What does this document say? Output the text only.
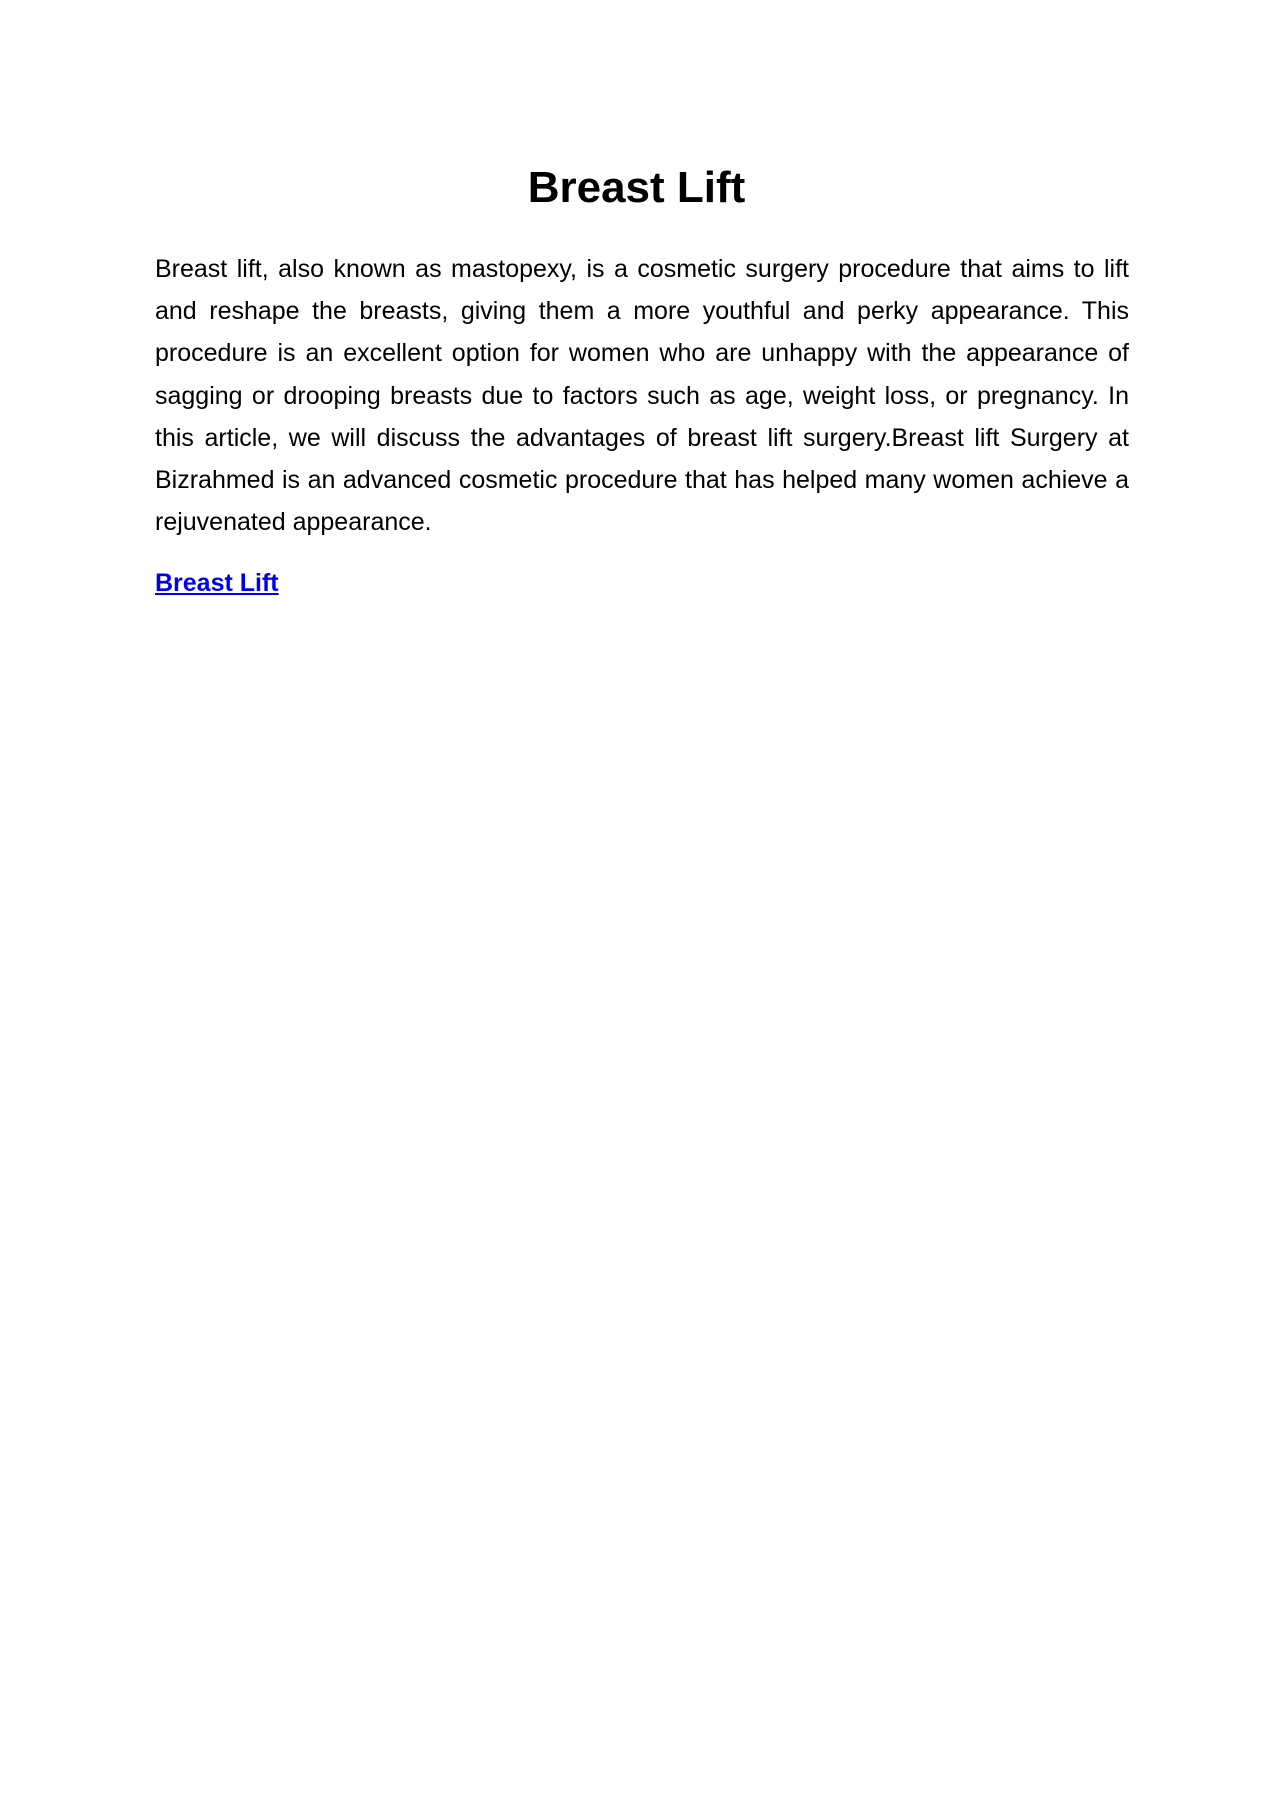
Breast Lift

Breast lift, also known as mastopexy, is a cosmetic surgery procedure that aims to lift and reshape the breasts, giving them a more youthful and perky appearance. This procedure is an excellent option for women who are unhappy with the appearance of sagging or drooping breasts due to factors such as age, weight loss, or pregnancy. In this article, we will discuss the advantages of breast lift surgery.Breast lift Surgery at Bizrahmed is an advanced cosmetic procedure that has helped many women achieve a rejuvenated appearance.

Breast Lift
